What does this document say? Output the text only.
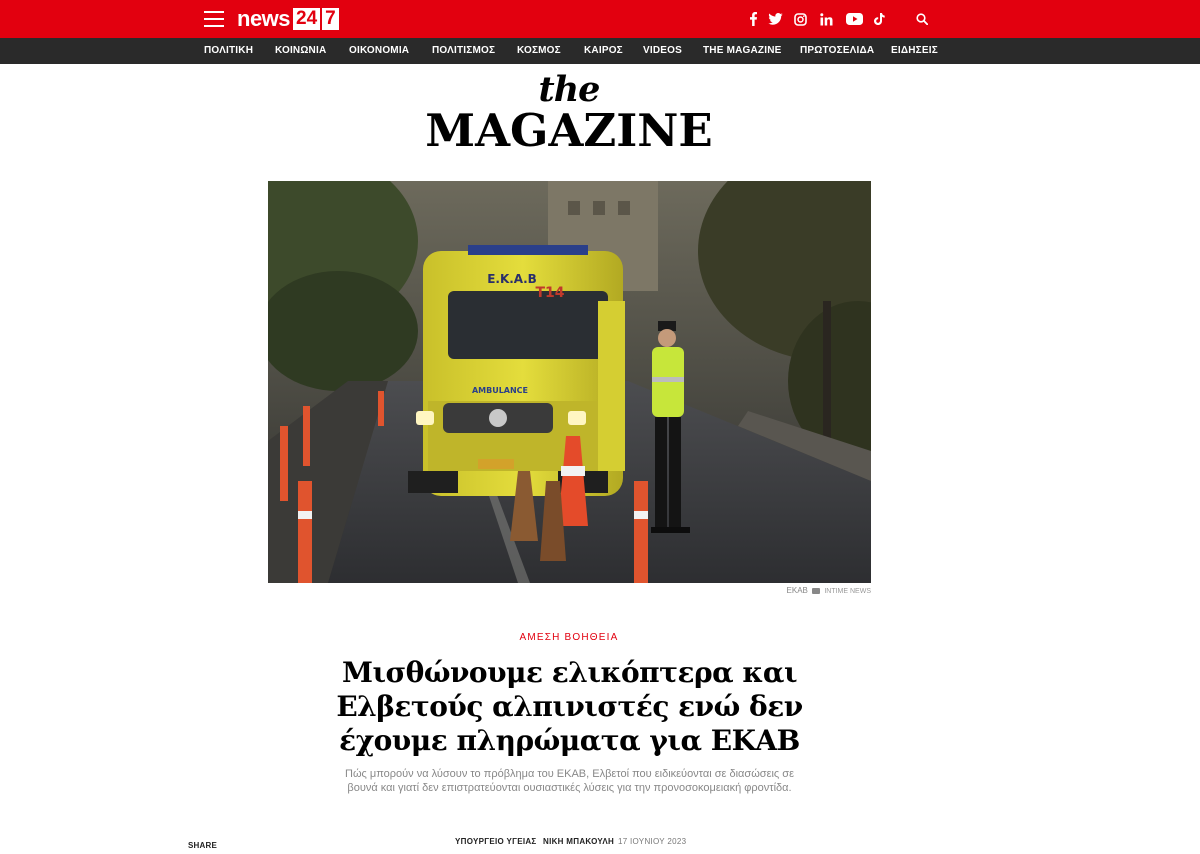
news 24 7
ΠΟΛΙΤΙΚΗ ΚΟΙΝΩΝΙΑ ΟΙΚΟΝΟΜΙΑ ΠΟΛΙΤΙΣΜΟΣ ΚΟΣΜΟΣ ΚΑΙΡΟΣ VIDEOS THE MAGAZINE ΠΡΩΤΟΣΕΛΙΔΑ ΕΙΔΗΣΕΙΣ
the
MAGAZINE
Ε.Κ.Α.Β
Τ14
AMBULANCE
ΕΚΑΒ INTIME NEWS
ΑΜΕΣΗ ΒΟΗΘΕΙΑ
Μισθώνουμε ελικόπτερα και
Ελβετούς αλπινιστές ενώ δεν
έχουμε πληρώματα για ΕΚΑΒ
Πώς μπορούν να λύσουν το πρόβλημα του ΕΚΑΒ, Ελβετοί που ειδικεύονται σε διασώσεις σε
βουνά και γιατί δεν επιστρατεύονται ουσιαστικές λύσεις για την προνοσοκομειακή φροντίδα.
SHARE	ΥΠΟΥΡΓΕΙΟ ΥΓΕΙΑΣ ΝΙΚΗ ΜΠΑΚΟΥΛΗ 17 ΙΟΥΝΙΟΥ 2023
